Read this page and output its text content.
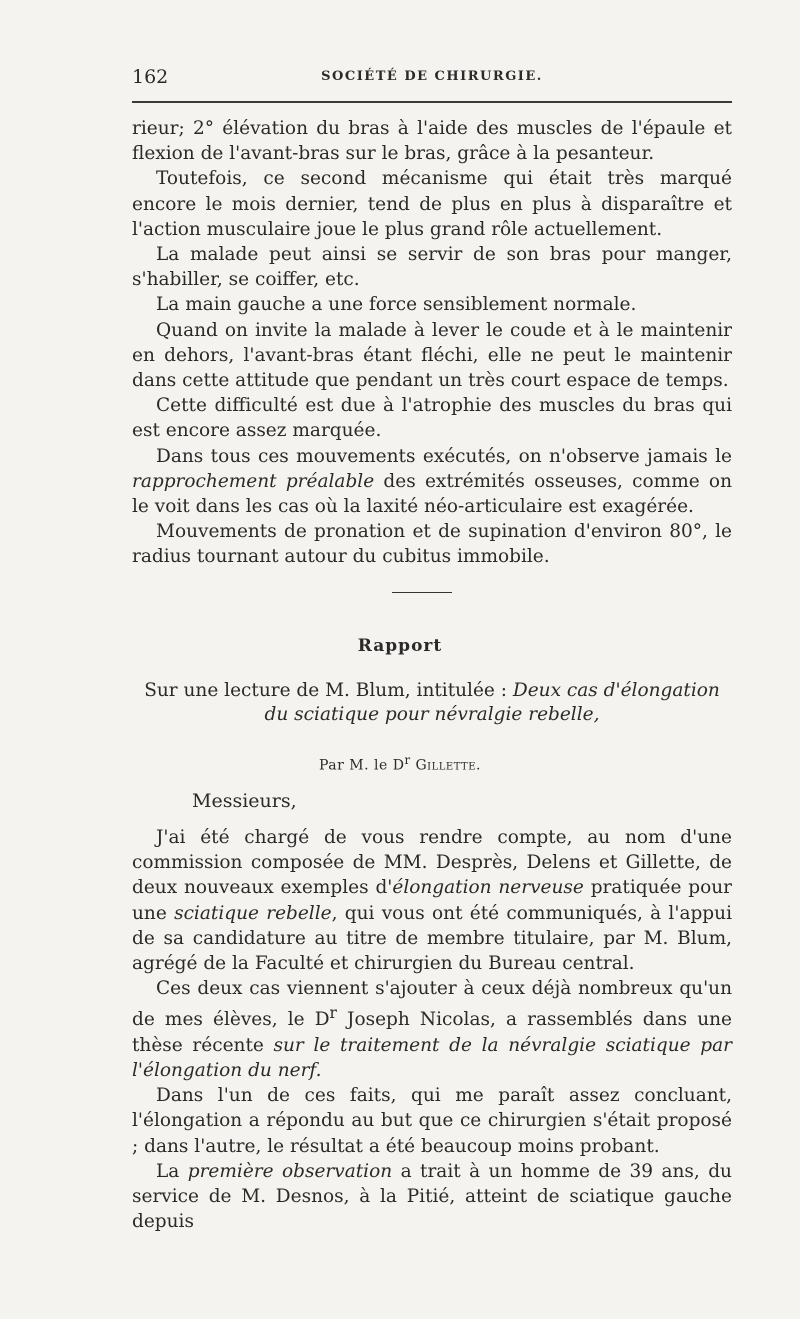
162	SOCIÉTÉ DE CHIRURGIE.

rieur; 2° élévation du bras à l'aide des muscles de l'épaule et flexion de l'avant-bras sur le bras, grâce à la pesanteur.

Toutefois, ce second mécanisme qui était très marqué encore le mois dernier, tend de plus en plus à disparaître et l'action musculaire joue le plus grand rôle actuellement.

La malade peut ainsi se servir de son bras pour manger, s'habiller, se coiffer, etc.

La main gauche a une force sensiblement normale.

Quand on invite la malade à lever le coude et à le maintenir en dehors, l'avant-bras étant fléchi, elle ne peut le maintenir dans cette attitude que pendant un très court espace de temps.

Cette difficulté est due à l'atrophie des muscles du bras qui est encore assez marquée.

Dans tous ces mouvements exécutés, on n'observe jamais le rapprochement préalable des extrémités osseuses, comme on le voit dans les cas où la laxité néo-articulaire est exagérée.

Mouvements de pronation et de supination d'environ 80°, le radius tournant autour du cubitus immobile.

Rapport
Sur une lecture de M. Blum, intitulée : Deux cas d'élongation du sciatique pour névralgie rebelle,
Par M. le $D^r$ Gillette.
Messieurs,

J'ai été chargé de vous rendre compte, au nom d'une commission composée de MM. Desprès, Delens et Gillette, de deux nouveaux exemples d'élongation nerveuse pratiquée pour une sciatique rebelle, qui vous ont été communiqués, à l'appui de sa candidature au titre de membre titulaire, par M. Blum, agrégé de la Faculté et chirurgien du Bureau central.

Ces deux cas viennent s'ajouter à ceux déjà nombreux qu'un de mes élèves, le $D^r$ Joseph Nicolas, a rassemblés dans une thèse récente sur le traitement de la névralgie sciatique par l'élongation du nerf.

Dans l'un de ces faits, qui me paraît assez concluant, l'élongation a répondu au but que ce chirurgien s'était proposé ; dans l'autre, le résultat a été beaucoup moins probant.

La première observation a trait à un homme de 39 ans, du service de M. Desnos, à la Pitié, atteint de sciatique gauche depuis
